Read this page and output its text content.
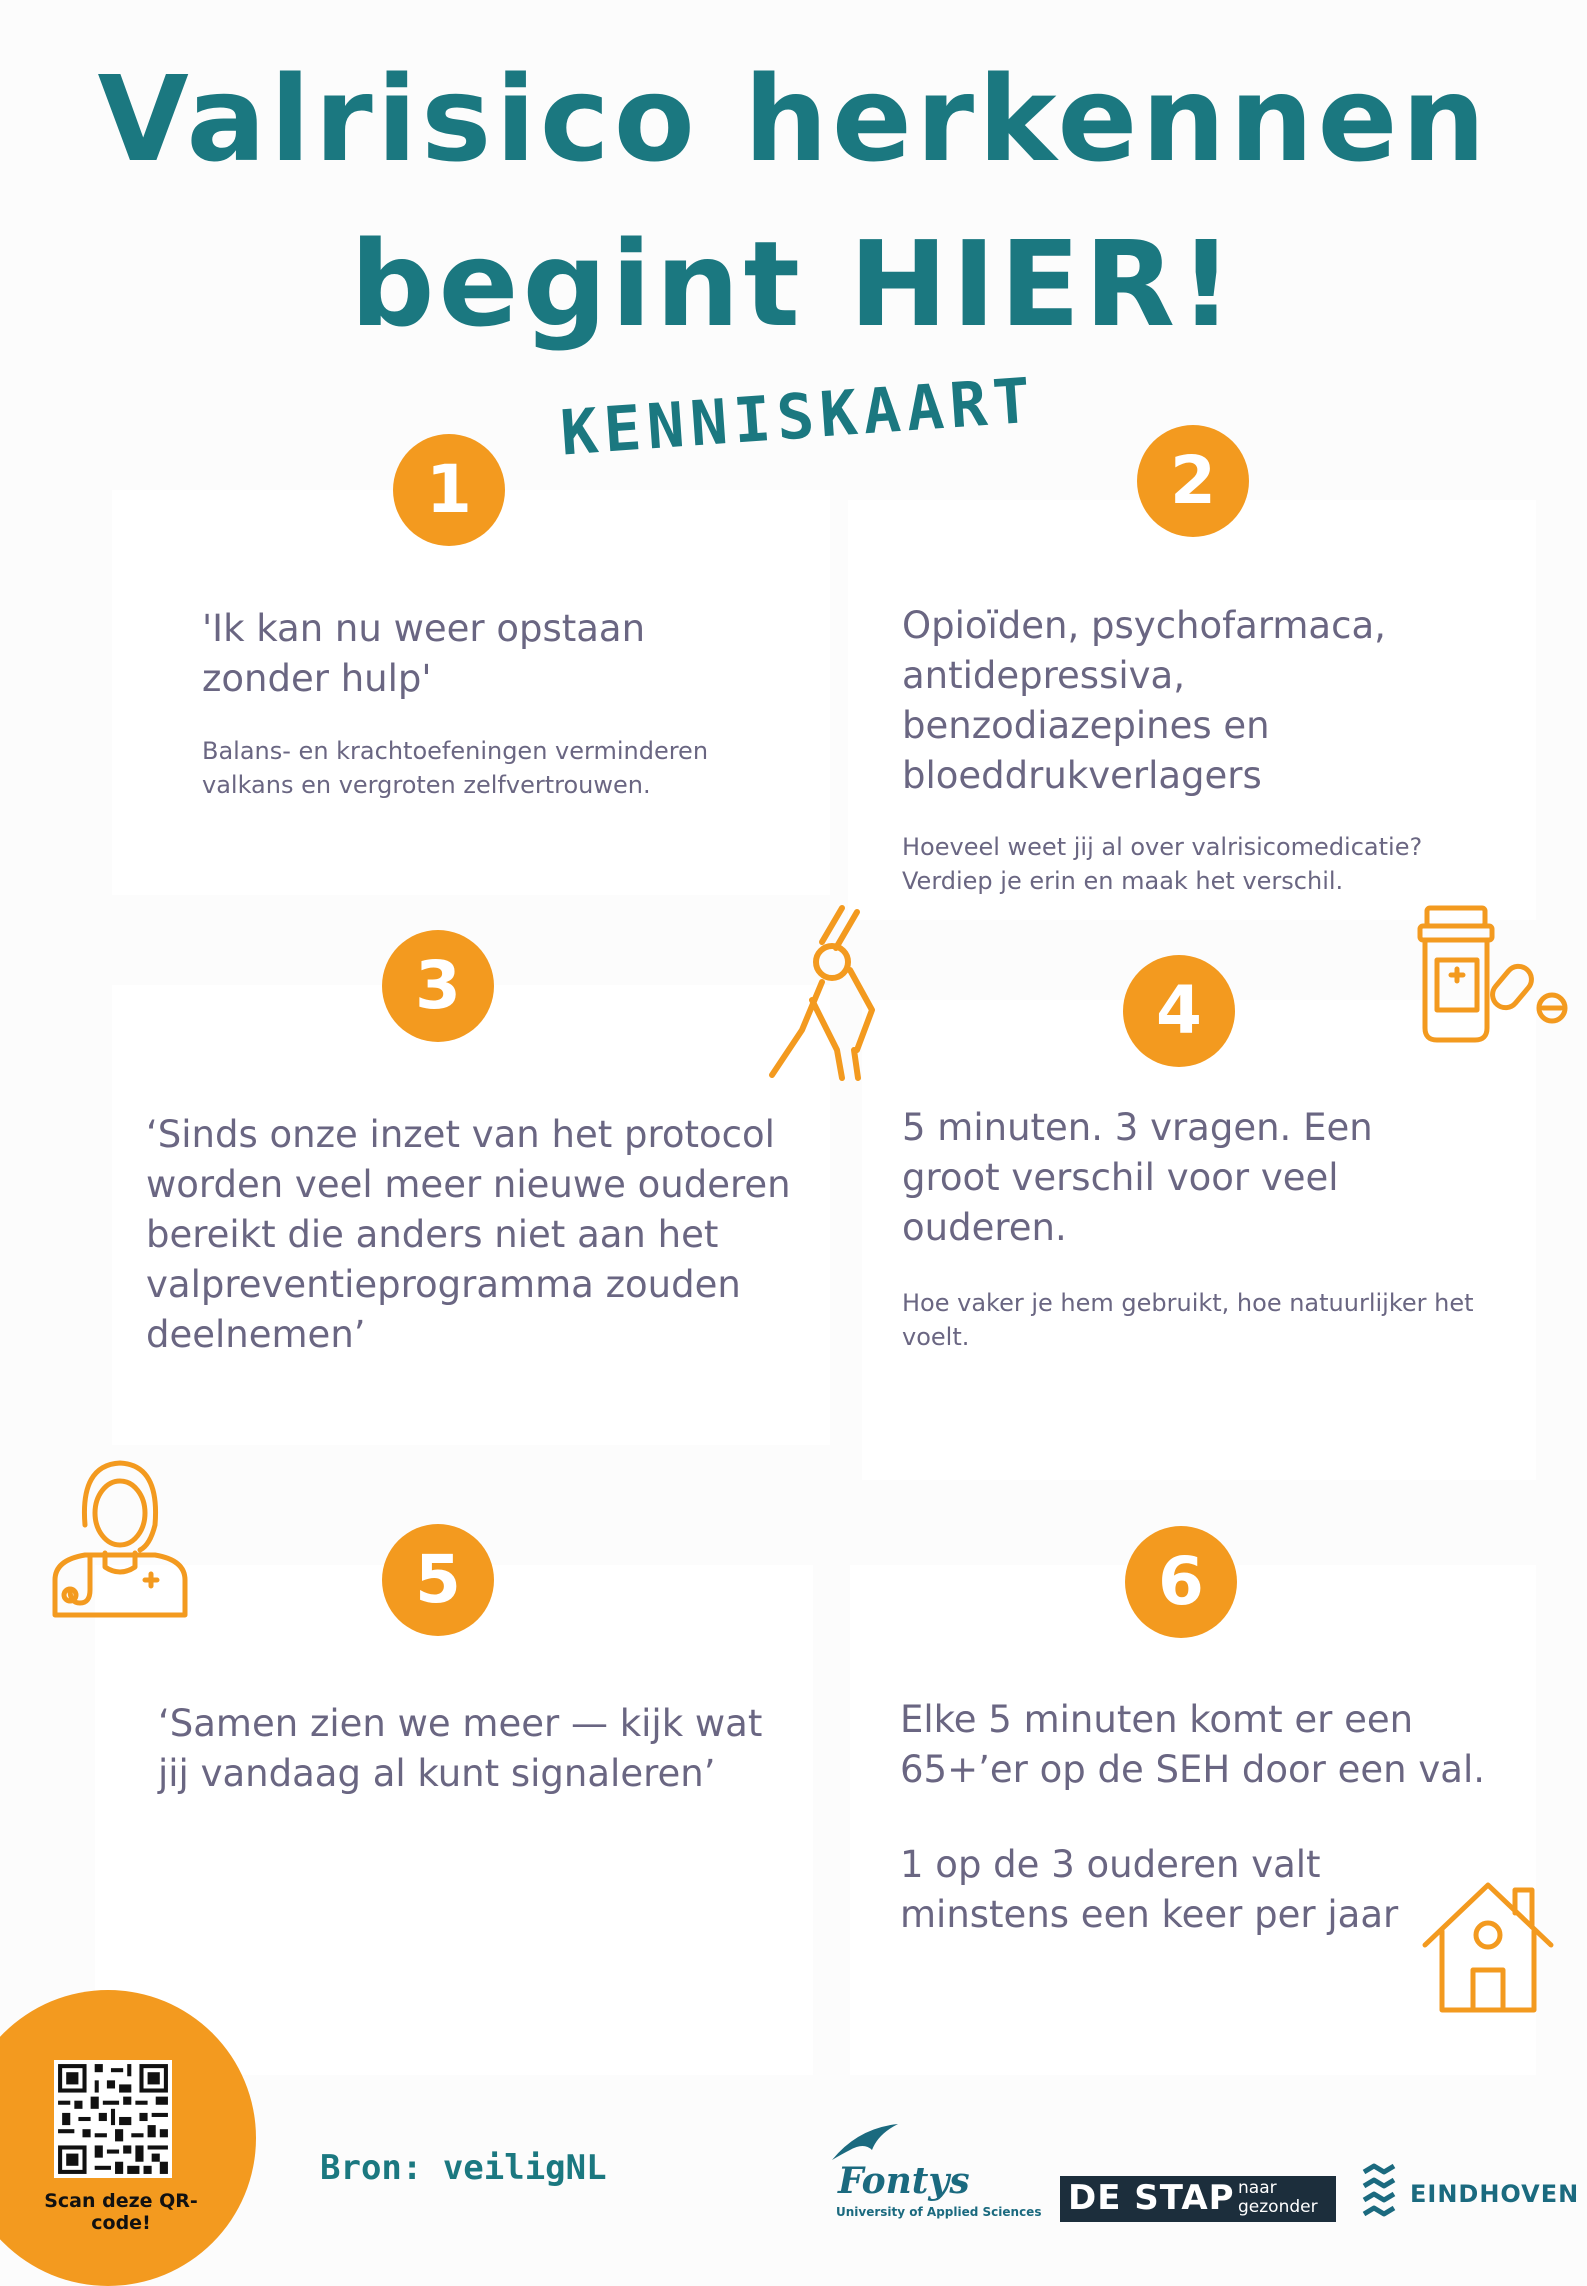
Valrisico herkennen
begint HIER!
KENNISKAART
1	2
3	4
5	6

'Ik kan nu weer opstaan zonder hulp'

Balans- en krachtoefeningen verminderen valkans en vergroten zelfvertrouwen.

Opioïden, psychofarmaca, antidepressiva, benzodiazepines en bloeddrukverlagers

Hoeveel weet jij al over valrisicomedicatie? Verdiep je erin en maak het verschil.

‘Sinds onze inzet van het protocol worden veel meer nieuwe ouderen bereikt die anders niet aan het valpreventieprogramma zouden deelnemen’

5 minuten. 3 vragen. Een groot verschil voor veel ouderen.

Hoe vaker je hem gebruikt, hoe natuurlijker het voelt.

‘Samen zien we meer — kijk wat jij vandaag al kunt signaleren’

Elke 5 minuten komt er een 65+’er op de SEH door een val.

1 op de 3 ouderen valt minstens een keer per jaar

Scan deze QR-code!
Bron: veiligNL	Fontys
University of Applied Sciences DE STAP naar
gezonder	EINDHOVEN
